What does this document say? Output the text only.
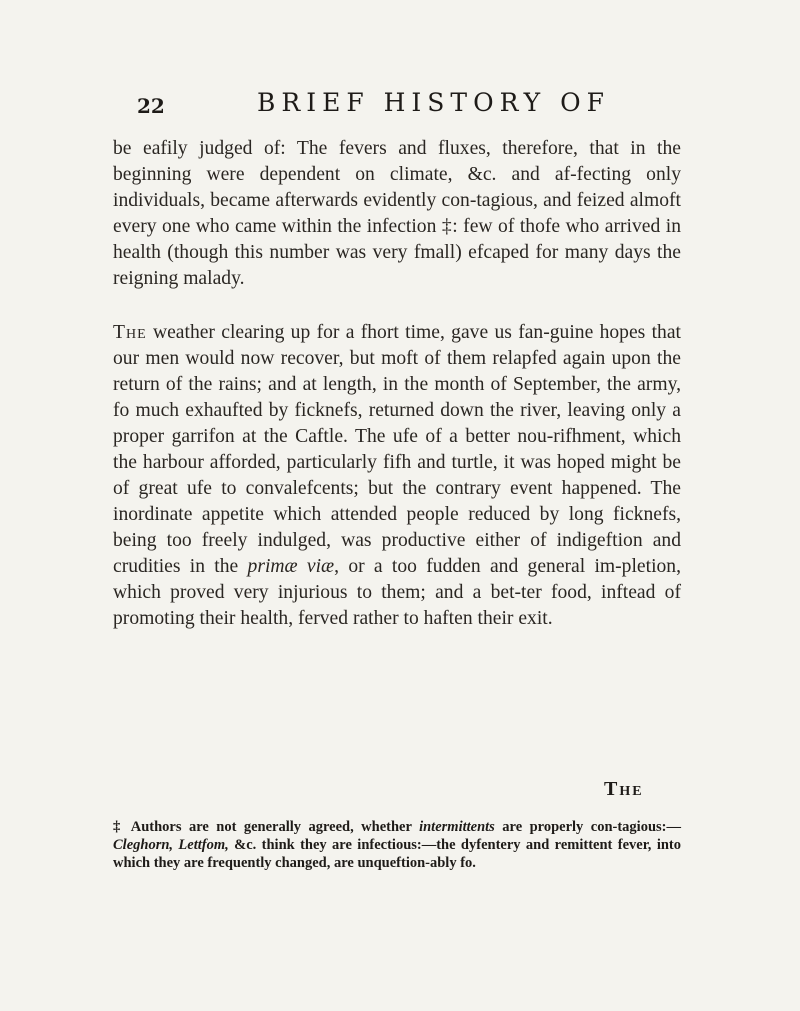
22	BRIEF HISTORY OF

be eafily judged of: The fevers and fluxes, therefore, that in the beginning were dependent on climate, &c. and af-fecting only individuals, became afterwards evidently con-tagious, and feized almoft every one who came within the infection ‡: few of thofe who arrived in health (though this number was very fmall) efcaped for many days the reigning malady.

The weather clearing up for a fhort time, gave us fan-guine hopes that our men would now recover, but moft of them relapfed again upon the return of the rains; and at length, in the month of September, the army, fo much exhaufted by ficknefs, returned down the river, leaving only a proper garrifon at the Caftle. The ufe of a better nou-rifhment, which the harbour afforded, particularly fifh and turtle, it was hoped might be of great ufe to convalefcents; but the contrary event happened. The inordinate appetite which attended people reduced by long ficknefs, being too freely indulged, was productive either of indigeftion and crudities in the primæ viæ, or a too fudden and general im-pletion, which proved very injurious to them; and a bet-ter food, inftead of promoting their health, ferved rather to haften their exit.

The
‡ Authors are not generally agreed, whether intermittents are properly con-tagious:—Cleghorn, Lettfom, &c. think they are infectious:—the dyfentery and remittent fever, into which they are frequently changed, are unqueftion-ably fo.
